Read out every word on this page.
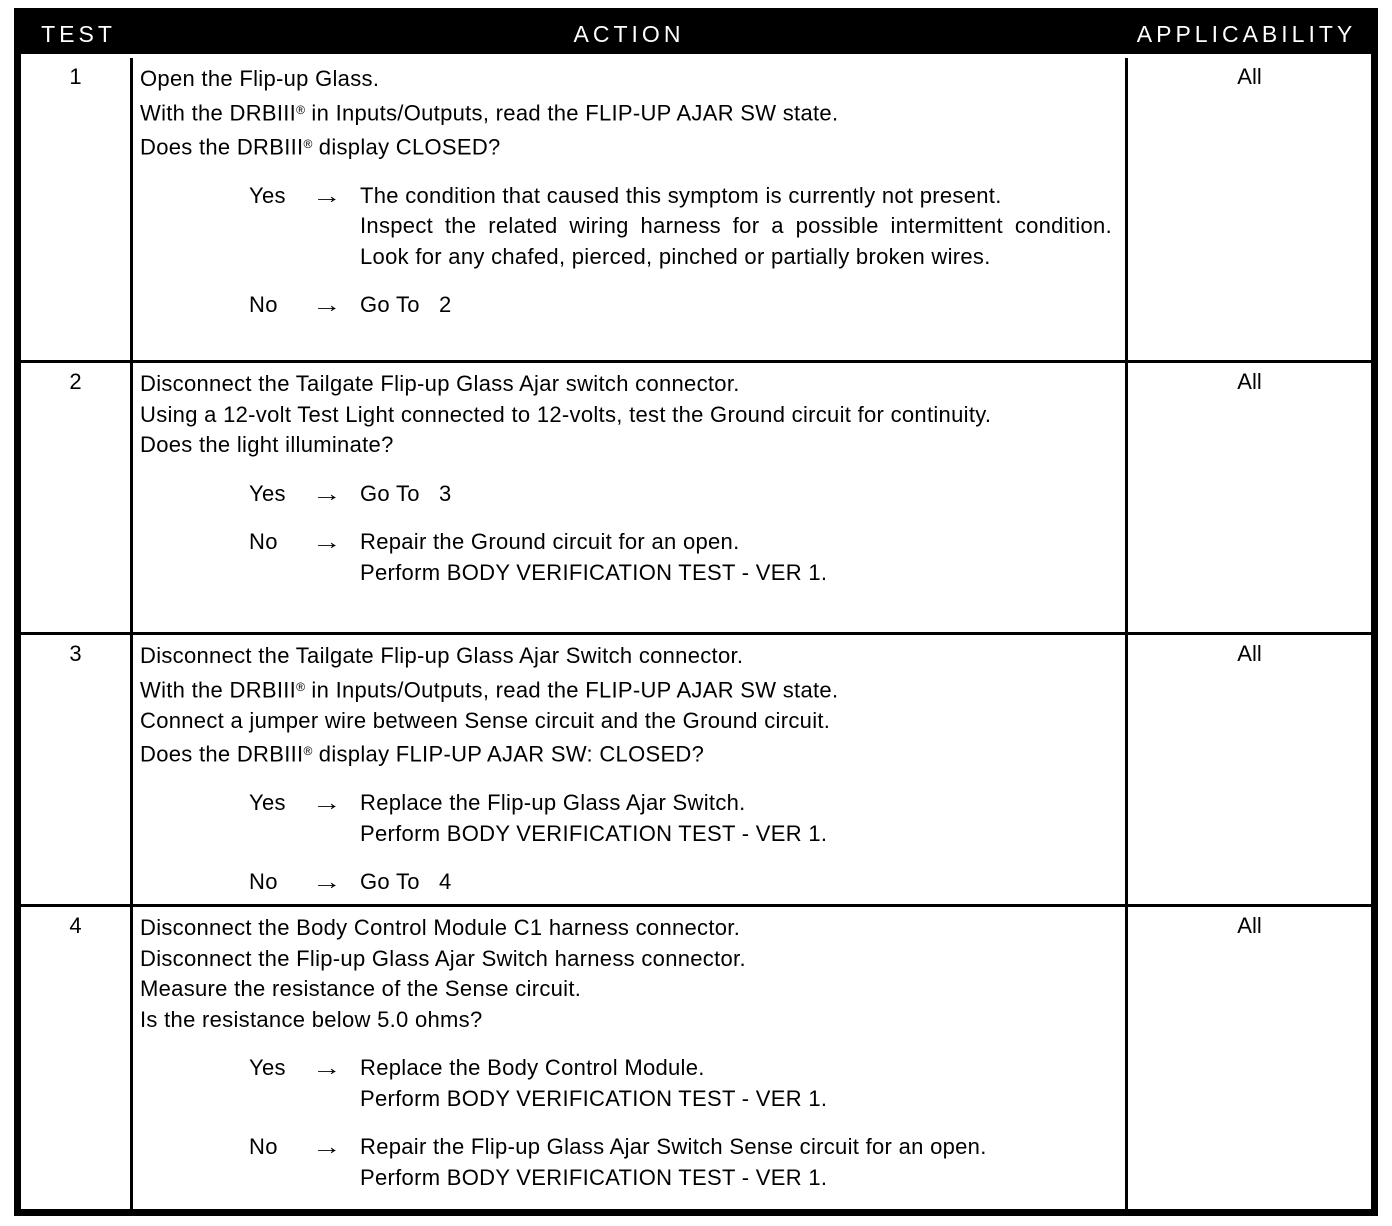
TEST	ACTION	APPLICABILITY
1	Open the Flip-up Glass.
With the DRBIII® in Inputs/Outputs, read the FLIP-UP AJAR SW state.
Does the DRBIII® display CLOSED?
Yes	→ The condition that caused this symptom is currently not present.
Inspect the related wiring harness for a possible intermittent condition. Look for any chafed, pierced, pinched or partially broken wires.
No	→ Go To   2
All
2	Disconnect the Tailgate Flip-up Glass Ajar switch connector.
Using a 12-volt Test Light connected to 12-volts, test the Ground circuit for continuity.
Does the light illuminate?
Yes	→ Go To   3
No	→ Repair the Ground circuit for an open.
Perform BODY VERIFICATION TEST - VER 1.
All
3	Disconnect the Tailgate Flip-up Glass Ajar Switch connector.
With the DRBIII® in Inputs/Outputs, read the FLIP-UP AJAR SW state.
Connect a jumper wire between Sense circuit and the Ground circuit.
Does the DRBIII® display FLIP-UP AJAR SW: CLOSED?
Yes	→ Replace the Flip-up Glass Ajar Switch.
Perform BODY VERIFICATION TEST - VER 1.
No	→ Go To   4
All
4	Disconnect the Body Control Module C1 harness connector.
Disconnect the Flip-up Glass Ajar Switch harness connector.
Measure the resistance of the Sense circuit.
Is the resistance below 5.0 ohms?
Yes	→ Replace the Body Control Module.
Perform BODY VERIFICATION TEST - VER 1.
No	→ Repair the Flip-up Glass Ajar Switch Sense circuit for an open.
Perform BODY VERIFICATION TEST - VER 1.
All
